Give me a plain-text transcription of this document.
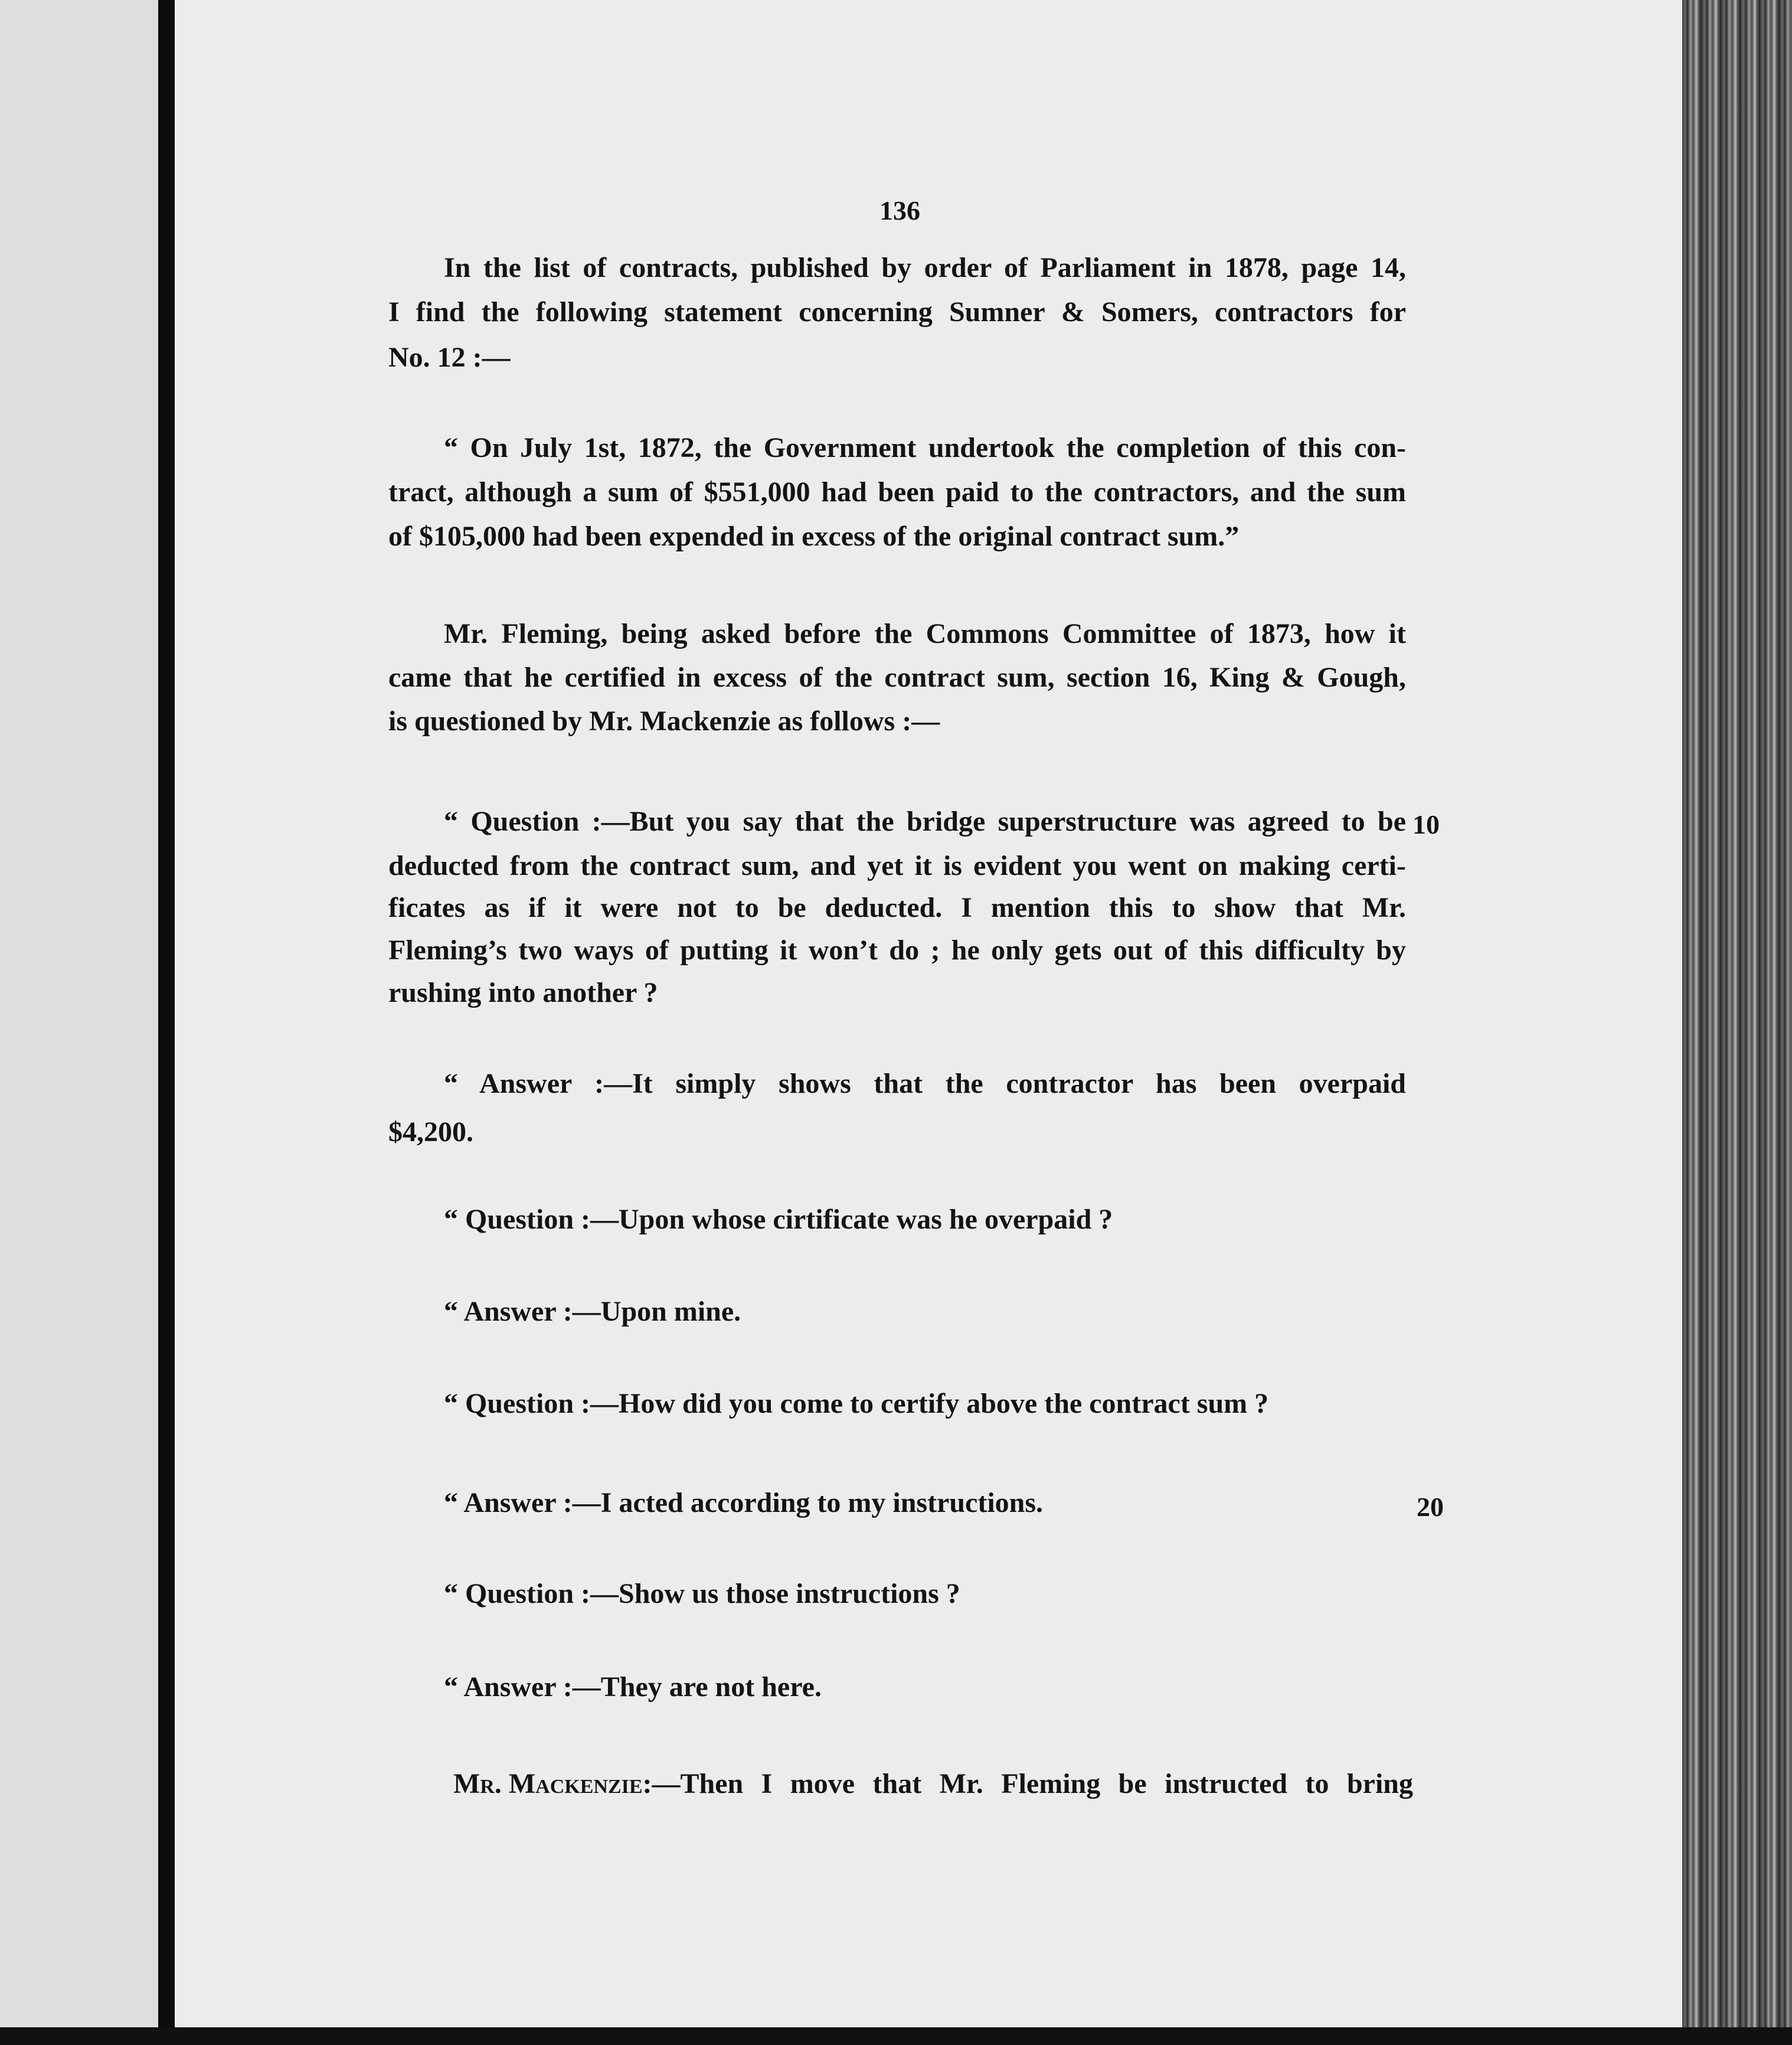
136
In the list of contracts, published by order of Parliament in 1878, page 14,
I find the following statement concerning Sumner & Somers, contractors for
No. 12 :—
“ On July 1st, 1872, the Government undertook the completion of this con-
tract, although a sum of $551,000 had been paid to the contractors, and the sum
of $105,000 had been expended in excess of the original contract sum.”
Mr. Fleming, being asked before the Commons Committee of 1873, how it
came that he certified in excess of the contract sum, section 16, King & Gough,
is questioned by Mr. Mackenzie as follows :—
“ Question :—But you say that the bridge superstructure was agreed to be
deducted from the contract sum, and yet it is evident you went on making certi-
ficates as if it were not to be deducted. I mention this to show that Mr.
Fleming’s two ways of putting it won’t do ; he only gets out of this difficulty by
rushing into another ?
10
“ Answer :—It simply shows that the contractor has been overpaid
$4,200.
“ Question :—Upon whose cirtificate was he overpaid ?
“ Answer :—Upon mine.
“ Question :—How did you come to certify above the contract sum ?
“ Answer :—I acted according to my instructions.	20
“ Question :—Show us those instructions ?
“ Answer :—They are not here.
Mr. Mackenzie :—Then I move that Mr. Fleming be instructed to bring
